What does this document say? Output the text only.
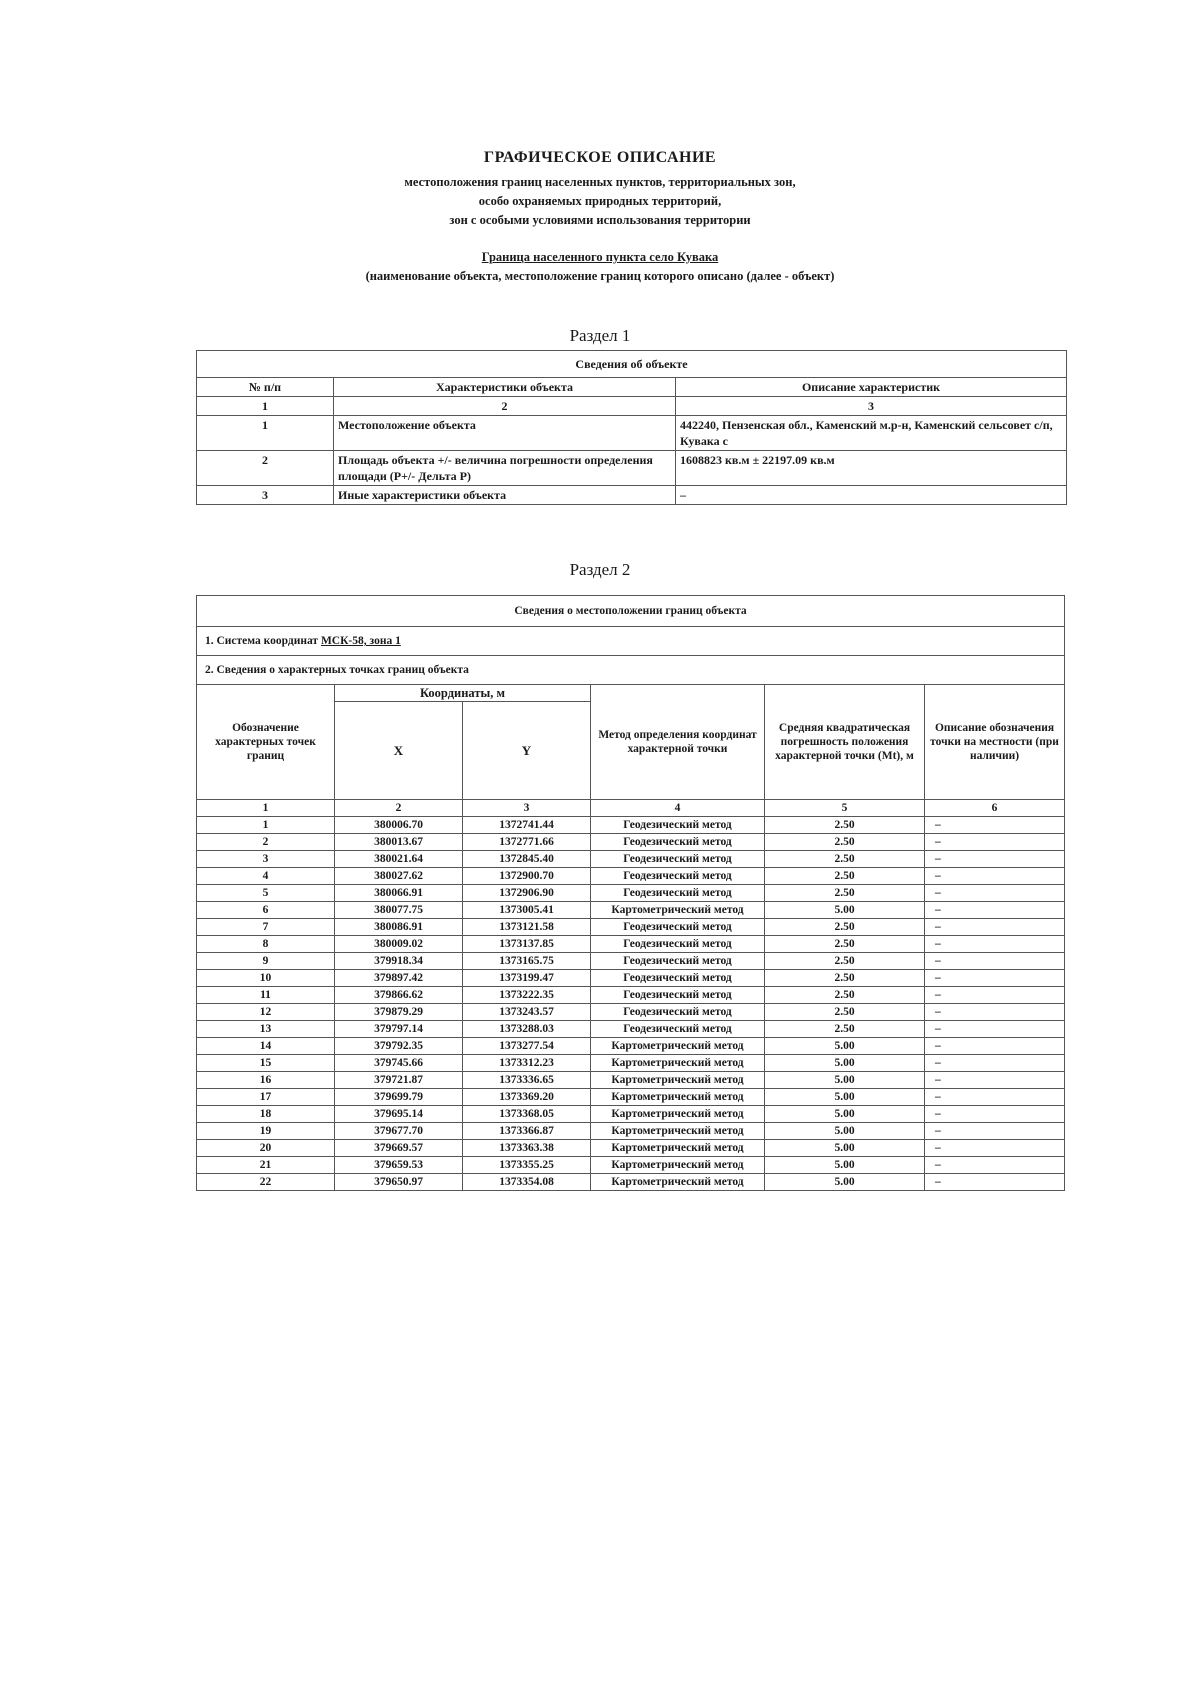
ГРАФИЧЕСКОЕ ОПИСАНИЕ
местоположения границ населенных пунктов, территориальных зон,
особо охраняемых природных территорий,
зон с особыми условиями использования территории
Граница населенного пункта село Кувака
(наименование объекта, местоположение границ которого описано (далее - объект)
Раздел 1
Сведения об объекте		
№ п/п	Характеристики объекта	Описание характеристик
1	2	3
1	Местоположение объекта	442240, Пензенская обл., Каменский м.р-н, Каменский сельсовет с/п, Кувака с
2	Площадь объекта +/- величина погрешности определения площади (P+/- Дельта P)	1608823 кв.м ± 22197.09 кв.м
3	Иные характеристики объекта	–
Раздел 2
Сведения о местоположении границ объекта					
1. Система координат МСК-58, зона 1					
2. Сведения о характерных точках границ объекта					
Обозначение характерных точек границ	Координаты, м		Метод определения координат характерной точки	Средняя квадратическая погрешность положения характерной точки (Mt), м	Описание обозначения точки на местности (при наличии)
	X	Y			
1	2	3	4	5	6
1	380006.70	1372741.44	Геодезический метод	2.50	–
2	380013.67	1372771.66	Геодезический метод	2.50	–
3	380021.64	1372845.40	Геодезический метод	2.50	–
4	380027.62	1372900.70	Геодезический метод	2.50	–
5	380066.91	1372906.90	Геодезический метод	2.50	–
6	380077.75	1373005.41	Картометрический метод	5.00	–
7	380086.91	1373121.58	Геодезический метод	2.50	–
8	380009.02	1373137.85	Геодезический метод	2.50	–
9	379918.34	1373165.75	Геодезический метод	2.50	–
10	379897.42	1373199.47	Геодезический метод	2.50	–
11	379866.62	1373222.35	Геодезический метод	2.50	–
12	379879.29	1373243.57	Геодезический метод	2.50	–
13	379797.14	1373288.03	Геодезический метод	2.50	–
14	379792.35	1373277.54	Картометрический метод	5.00	–
15	379745.66	1373312.23	Картометрический метод	5.00	–
16	379721.87	1373336.65	Картометрический метод	5.00	–
17	379699.79	1373369.20	Картометрический метод	5.00	–
18	379695.14	1373368.05	Картометрический метод	5.00	–
19	379677.70	1373366.87	Картометрический метод	5.00	–
20	379669.57	1373363.38	Картометрический метод	5.00	–
21	379659.53	1373355.25	Картометрический метод	5.00	–
22	379650.97	1373354.08	Картометрический метод	5.00	–
